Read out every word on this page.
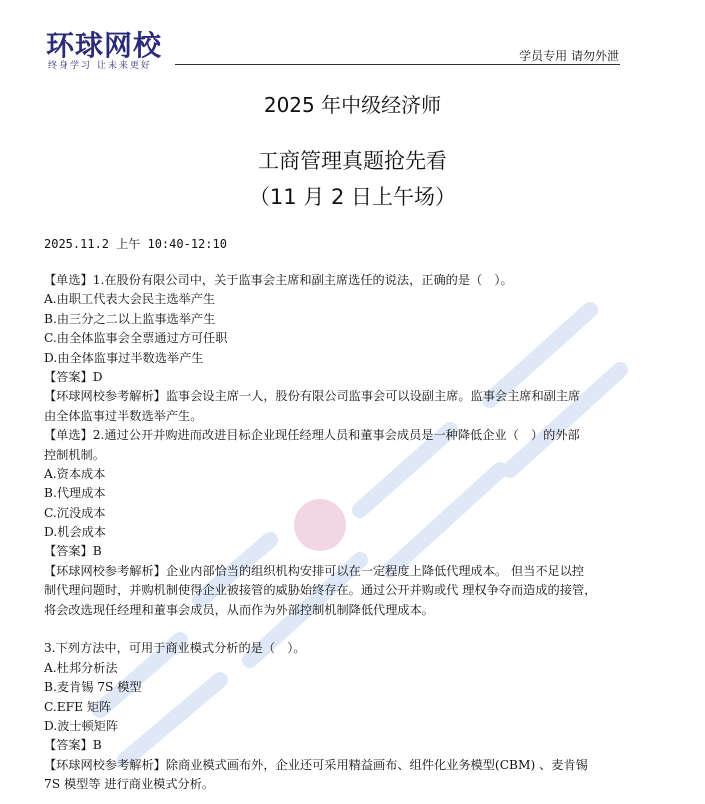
环球网校
终身学习 让未来更好
学员专用 请勿外泄
2025 年中级经济师
工商管理真题抢先看
（11 月 2 日上午场）
2025.11.2 上午 10:40-12:10
【单选】1.在股份有限公司中，关于监事会主席和副主席选任的说法，正确的是（　）。
A.由职工代表大会民主选举产生
B.由三分之二以上监事选举产生
C.由全体监事会全票通过方可任职
D.由全体监事过半数选举产生
【答案】D
【环球网校参考解析】监事会设主席一人，股份有限公司监事会可以设副主席。监事会主席和副主席
由全体监事过半数选举产生。
【单选】2.通过公开并购进而改进目标企业现任经理人员和董事会成员是一种降低企业（　）的外部
控制机制。
A.资本成本
B.代理成本
C.沉没成本
D.机会成本
【答案】B
【环球网校参考解析】企业内部恰当的组织机构安排可以在一定程度上降低代理成本。 但当不足以控
制代理问题时，并购机制使得企业被接管的威胁始终存在。通过公开并购或代 理权争夺而造成的接管，
将会改选现任经理和董事会成员，从而作为外部控制机制降低代理成本。
3.下列方法中，可用于商业模式分析的是（　）。
A.杜邦分析法
B.麦肯锡 7S 模型
C.EFE 矩阵
D.波士顿矩阵
【答案】B
【环球网校参考解析】除商业模式画布外，企业还可采用精益画布、组件化业务模型(CBM) 、麦肯锡
7S 模型等 进行商业模式分析。
